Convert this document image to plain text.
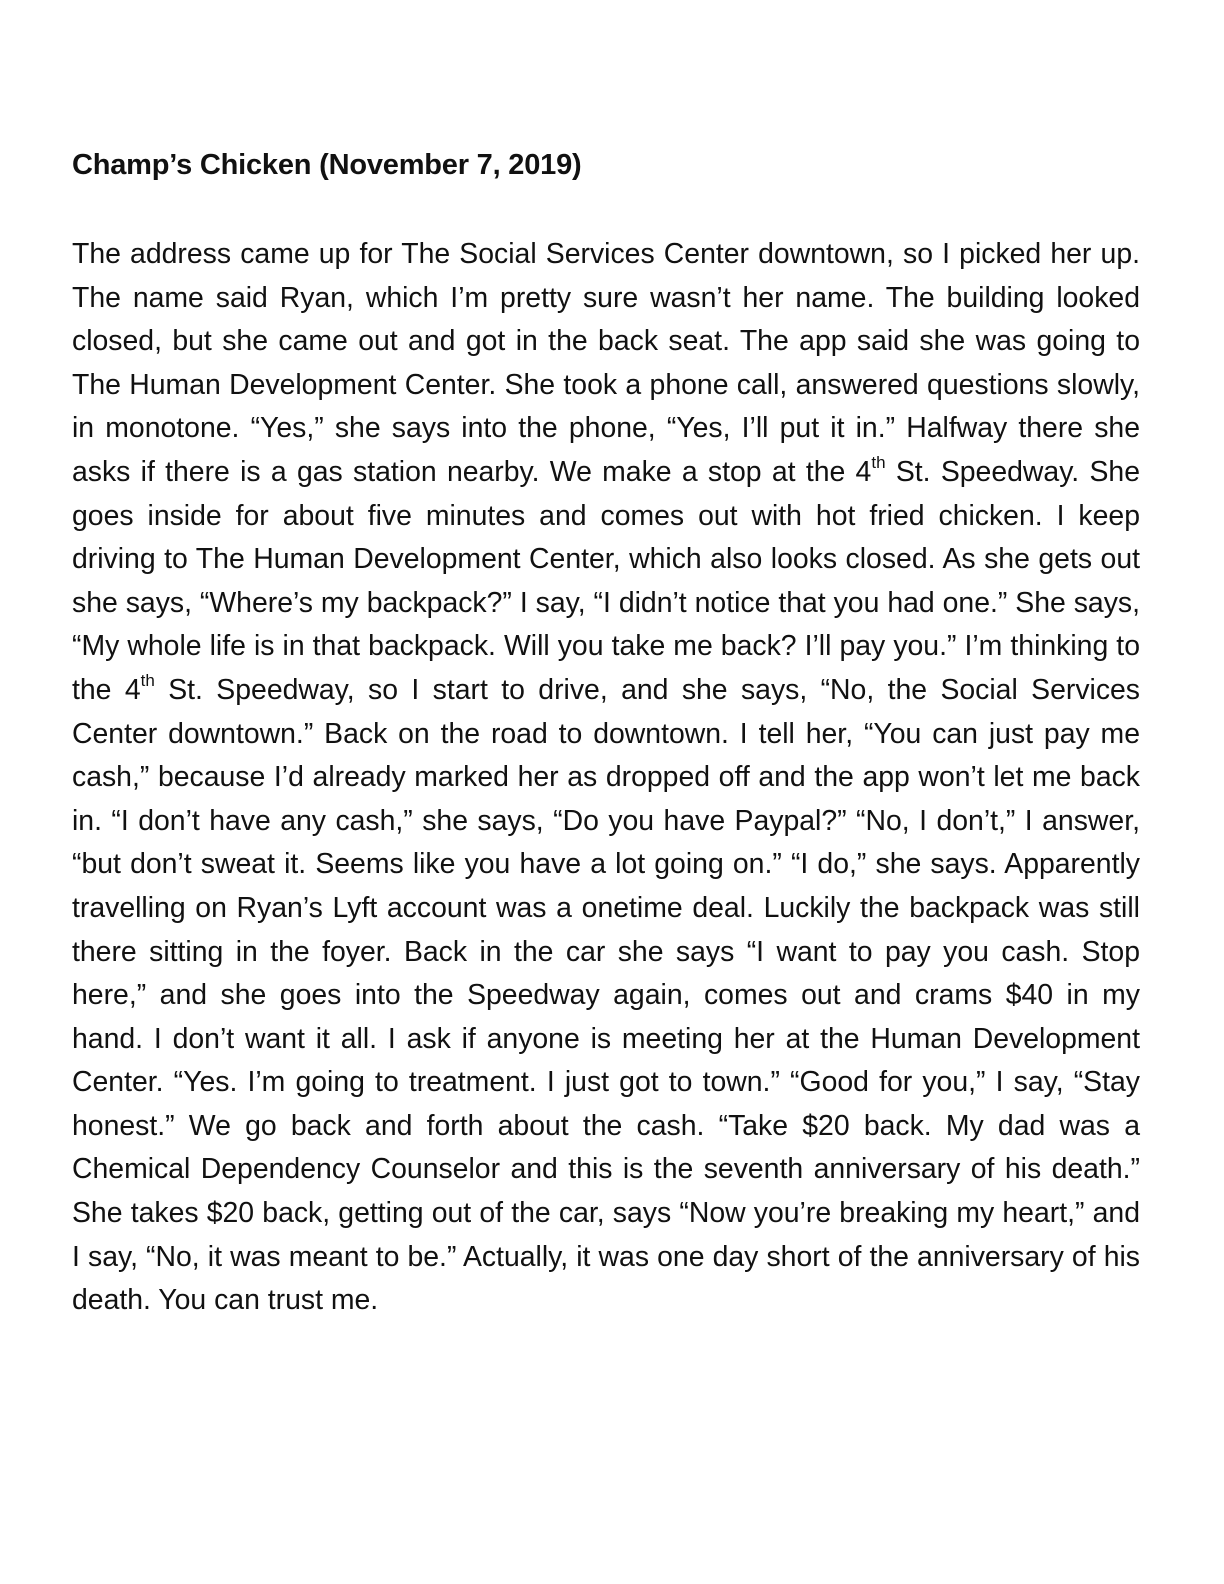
Champ’s Chicken (November 7, 2019)

The address came up for The Social Services Center downtown, so I picked her up. The name said Ryan, which I’m pretty sure wasn’t her name. The building looked closed, but she came out and got in the back seat. The app said she was going to The Human Development Center. She took a phone call, answered questions slowly, in monotone. “Yes,” she says into the phone, “Yes, I’ll put it in.” Halfway there she asks if there is a gas station nearby. We make a stop at the 4th St. Speedway. She goes inside for about five minutes and comes out with hot fried chicken. I keep driving to The Human Development Center, which also looks closed. As she gets out she says, “Where’s my backpack?” I say, “I didn’t notice that you had one.” She says, “My whole life is in that backpack. Will you take me back? I’ll pay you.” I’m thinking to the 4th St. Speedway, so I start to drive, and she says, “No, the Social Services Center downtown.” Back on the road to downtown. I tell her, “You can just pay me cash,” because I’d already marked her as dropped off and the app won’t let me back in. “I don’t have any cash,” she says, “Do you have Paypal?” “No, I don’t,” I answer, “but don’t sweat it. Seems like you have a lot going on.” “I do,” she says. Apparently travelling on Ryan’s Lyft account was a onetime deal. Luckily the backpack was still there sitting in the foyer. Back in the car she says “I want to pay you cash. Stop here,” and she goes into the Speedway again, comes out and crams $40 in my hand. I don’t want it all. I ask if anyone is meeting her at the Human Development Center. “Yes. I’m going to treatment. I just got to town.” “Good for you,” I say, “Stay honest.” We go back and forth about the cash. “Take $20 back. My dad was a Chemical Dependency Counselor and this is the seventh anniversary of his death.” She takes $20 back, getting out of the car, says “Now you’re breaking my heart,” and I say, “No, it was meant to be.” Actually, it was one day short of the anniversary of his death. You can trust me.
